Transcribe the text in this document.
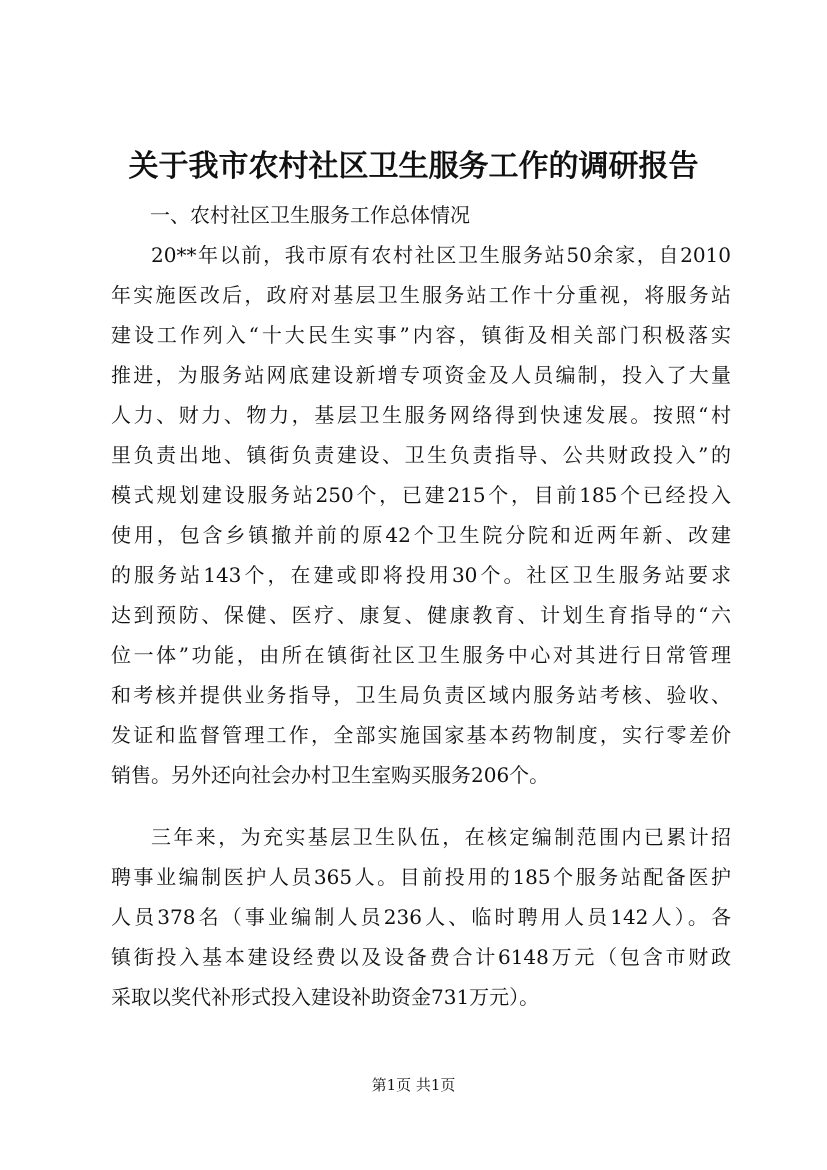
关于我市农村社区卫生服务工作的调研报告
一、农村社区卫生服务工作总体情况
20**年以前，我市原有农村社区卫生服务站50余家，自2010
年实施医改后，政府对基层卫生服务站工作十分重视，将服务站
建设工作列入“十大民生实事”内容，镇街及相关部门积极落实
推进，为服务站网底建设新增专项资金及人员编制，投入了大量
人力、财力、物力，基层卫生服务网络得到快速发展。按照“村
里负责出地、镇街负责建设、卫生负责指导、公共财政投入”的
模式规划建设服务站250个，已建215个，目前185个已经投入
使用，包含乡镇撤并前的原42个卫生院分院和近两年新、改建
的服务站143个，在建或即将投用30个。社区卫生服务站要求
达到预防、保健、医疗、康复、健康教育、计划生育指导的“六
位一体”功能，由所在镇街社区卫生服务中心对其进行日常管理
和考核并提供业务指导，卫生局负责区域内服务站考核、验收、
发证和监督管理工作，全部实施国家基本药物制度，实行零差价
销售。另外还向社会办村卫生室购买服务206个。
三年来，为充实基层卫生队伍，在核定编制范围内已累计招
聘事业编制医护人员365人。目前投用的185个服务站配备医护
人员378名（事业编制人员236人、临时聘用人员142人）。各
镇街投入基本建设经费以及设备费合计6148万元（包含市财政
采取以奖代补形式投入建设补助资金731万元）。
第1页 共1页
